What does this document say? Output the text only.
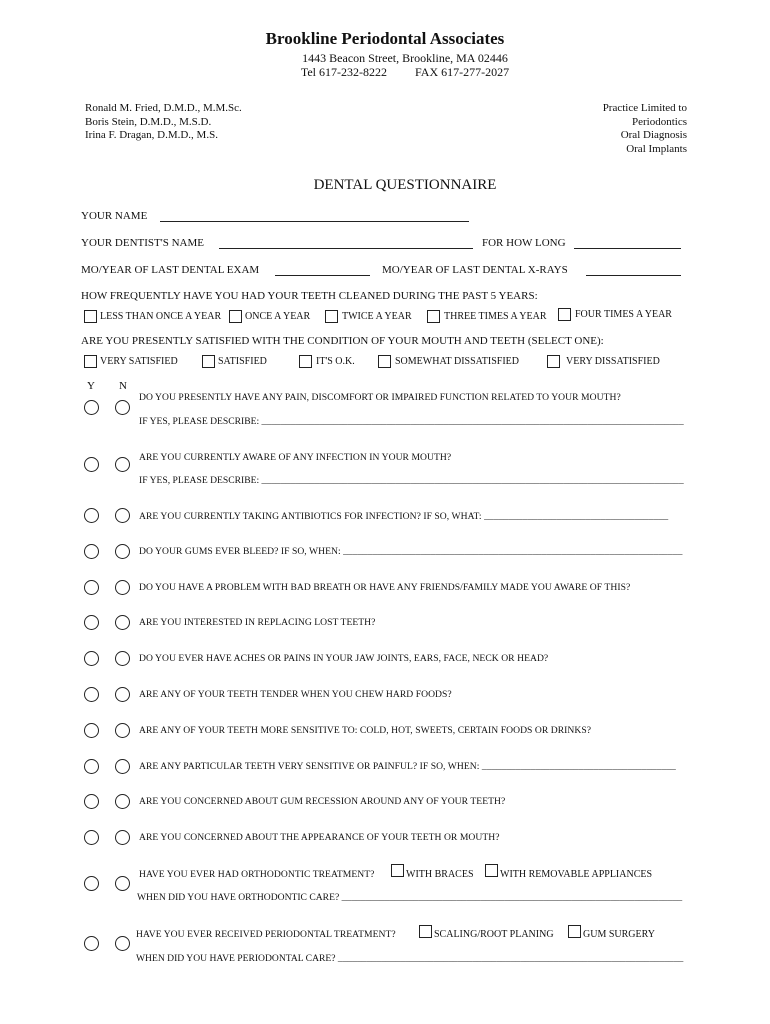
Brookline Periodontal Associates
1443 Beacon Street, Brookline, MA 02446
Tel 617-232-8222 FAX 617-277-2027
Ronald M. Fried, D.M.D., M.M.Sc.
Boris Stein, D.M.D., M.S.D.
Irina F. Dragan, D.M.D., M.S.
Practice Limited to
Periodontics
Oral Diagnosis
Oral Implants
DENTAL QUESTIONNAIRE
YOUR NAME
YOUR DENTIST'S NAME	FOR HOW LONG
MO/YEAR OF LAST DENTAL EXAM	MO/YEAR OF LAST DENTAL X-RAYS
HOW FREQUENTLY HAVE YOU HAD YOUR TEETH CLEANED DURING THE PAST 5 YEARS:
LESS THAN ONCE A YEAR ONCE A YEAR	TWICE A YEAR	THREE TIMES A YEAR	FOUR TIMES A YEAR
ARE YOU PRESENTLY SATISFIED WITH THE CONDITION OF YOUR MOUTH AND TEETH (SELECT ONE):
VERY SATISFIED	SATISFIED	IT'S O.K.	SOMEWHAT DISSATISFIED	VERY DISSATISFIED
Y N
DO YOU PRESENTLY HAVE ANY PAIN, DISCOMFORT OR IMPAIRED FUNCTION RELATED TO YOUR MOUTH?
IF YES, PLEASE DESCRIBE: ________________________________________________________________________________________
ARE YOU CURRENTLY AWARE OF ANY INFECTION IN YOUR MOUTH?
IF YES, PLEASE DESCRIBE: ________________________________________________________________________________________
ARE YOU CURRENTLY TAKING ANTIBIOTICS FOR INFECTION? IF SO, WHAT: ______________________________________
DO YOUR GUMS EVER BLEED? IF SO, WHEN: ______________________________________________________________________
DO YOU HAVE A PROBLEM WITH BAD BREATH OR HAVE ANY FRIENDS/FAMILY MADE YOU AWARE OF THIS?
ARE YOU INTERESTED IN REPLACING LOST TEETH?
DO YOU EVER HAVE ACHES OR PAINS IN YOUR JAW JOINTS, EARS, FACE, NECK OR HEAD?
ARE ANY OF YOUR TEETH TENDER WHEN YOU CHEW HARD FOODS?
ARE ANY OF YOUR TEETH MORE SENSITIVE TO: COLD, HOT, SWEETS, CERTAIN FOODS OR DRINKS?
ARE ANY PARTICULAR TEETH VERY SENSITIVE OR PAINFUL? IF SO, WHEN: ________________________________________
ARE YOU CONCERNED ABOUT GUM RECESSION AROUND ANY OF YOUR TEETH?
ARE YOU CONCERNED ABOUT THE APPEARANCE OF YOUR TEETH OR MOUTH?
HAVE YOU EVER HAD ORTHODONTIC TREATMENT?	WITH BRACES	WITH REMOVABLE APPLIANCES
WHEN DID YOU HAVE ORTHODONTIC CARE? _______________________________________________________________________
HAVE YOU EVER RECEIVED PERIODONTAL TREATMENT?	SCALING/ROOT PLANING	GUM SURGERY
WHEN DID YOU HAVE PERIODONTAL CARE? ________________________________________________________________________
